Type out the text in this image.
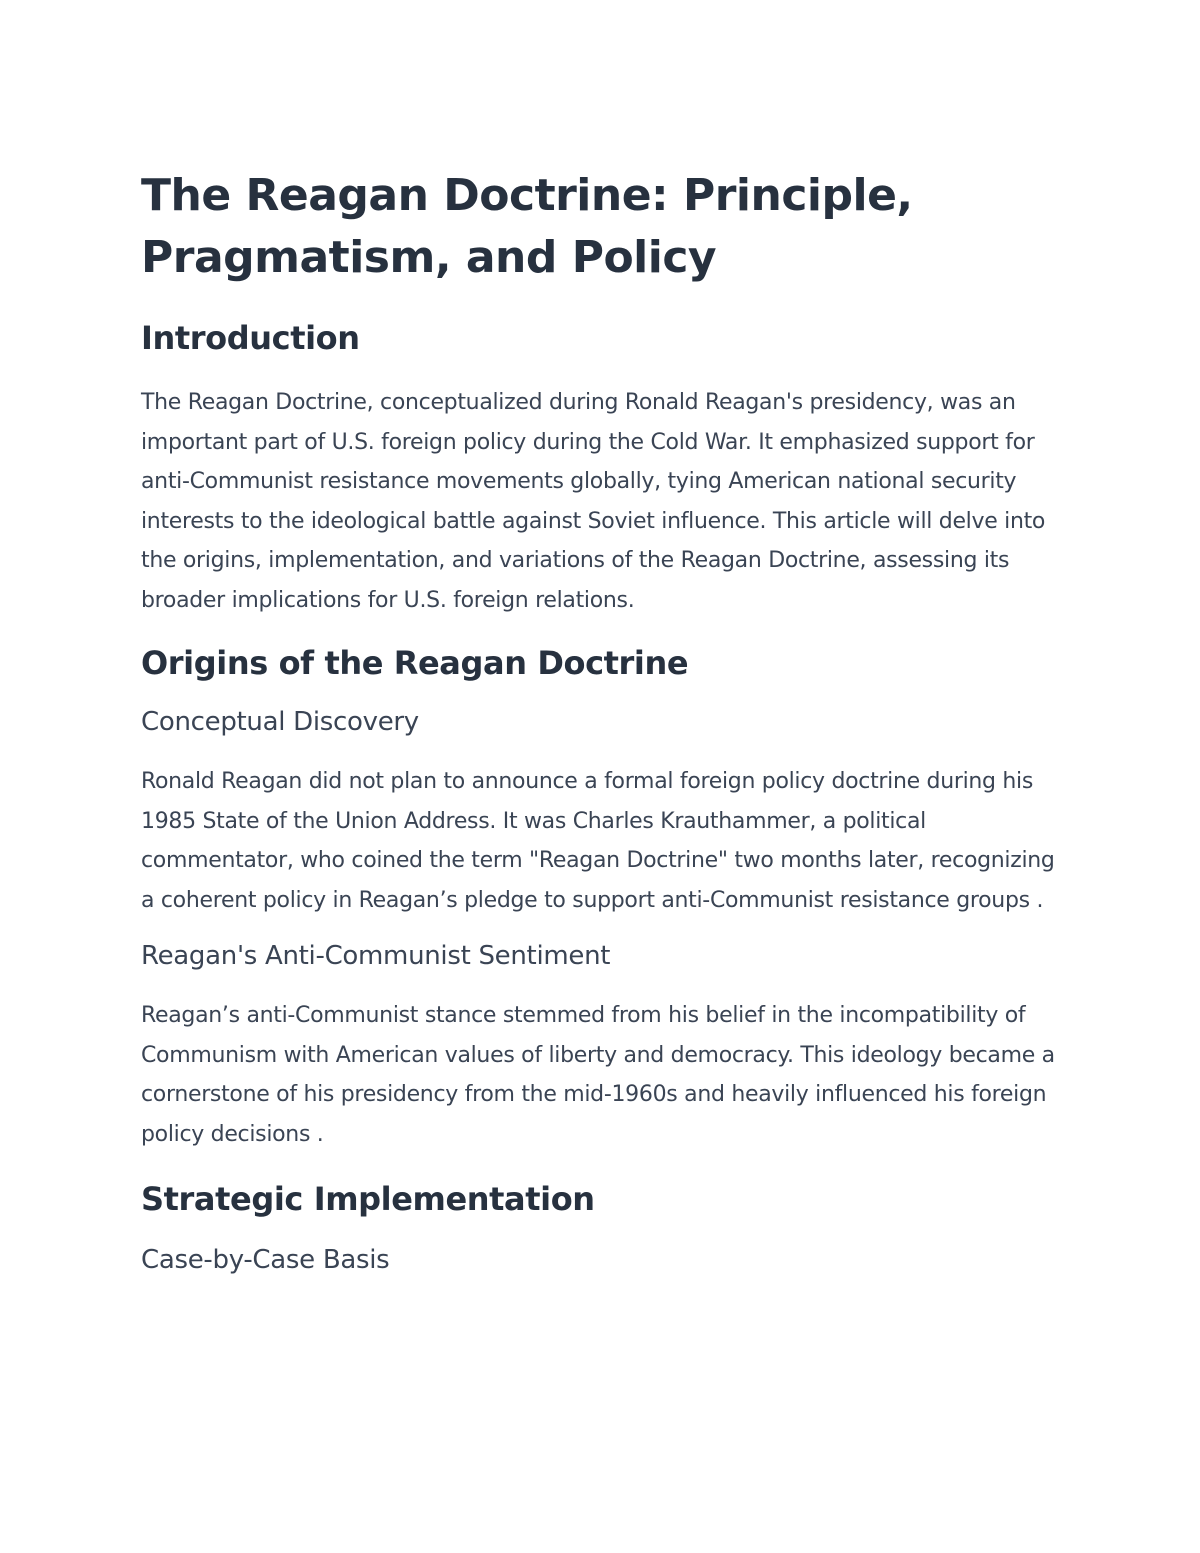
The Reagan Doctrine: Principle, Pragmatism, and Policy
Introduction

The Reagan Doctrine, conceptualized during Ronald Reagan's presidency, was an important part of U.S. foreign policy during the Cold War. It emphasized support for anti-Communist resistance movements globally, tying American national security interests to the ideological battle against Soviet influence. This article will delve into the origins, implementation, and variations of the Reagan Doctrine, assessing its broader implications for U.S. foreign relations.

Origins of the Reagan Doctrine
Conceptual Discovery

Ronald Reagan did not plan to announce a formal foreign policy doctrine during his 1985 State of the Union Address. It was Charles Krauthammer, a political commentator, who coined the term "Reagan Doctrine" two months later, recognizing a coherent policy in Reagan’s pledge to support anti-Communist resistance groups .

Reagan's Anti-Communist Sentiment

Reagan’s anti-Communist stance stemmed from his belief in the incompatibility of Communism with American values of liberty and democracy. This ideology became a cornerstone of his presidency from the mid-1960s and heavily influenced his foreign policy decisions .

Strategic Implementation
Case-by-Case Basis
